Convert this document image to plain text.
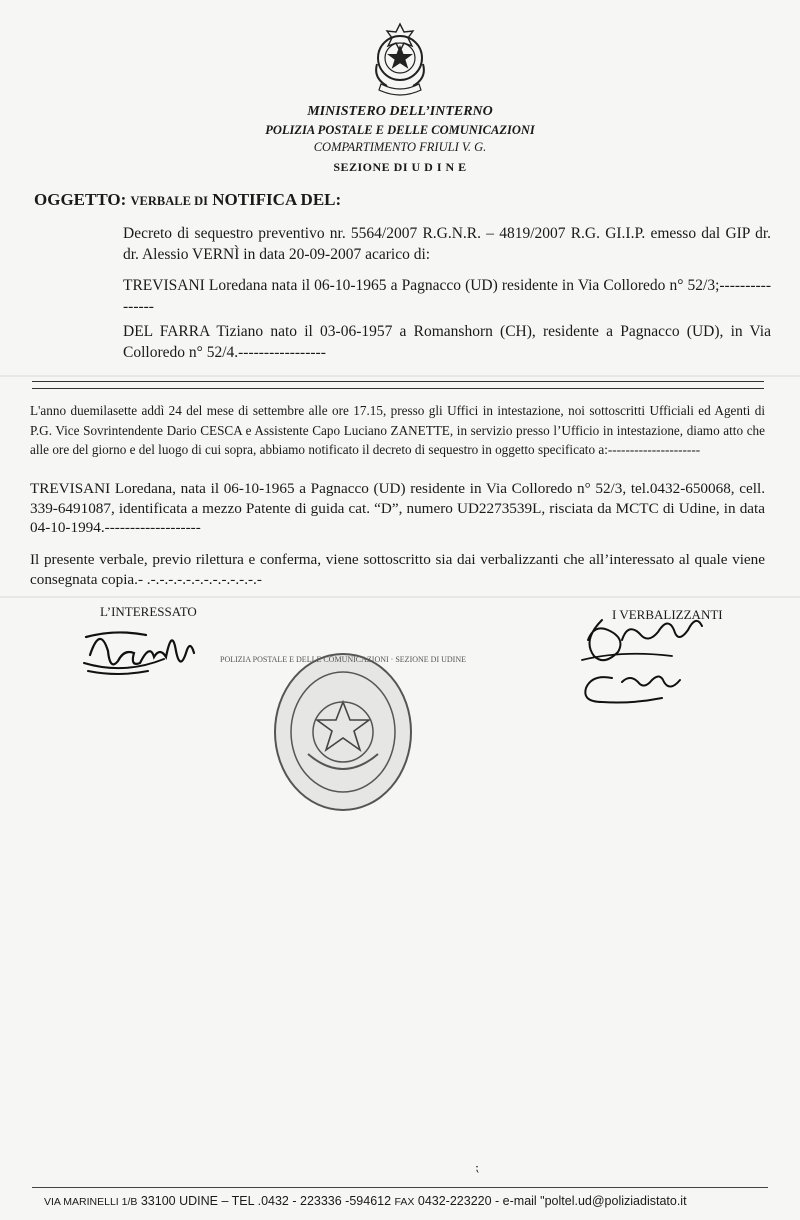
MINISTERO DELL’INTERNO
POLIZIA POSTALE E DELLE COMUNICAZIONI
COMPARTIMENTO FRIULI V. G.
SEZIONE DI U D I N E
OGGETTO: VERBALE DI NOTIFICA DEL:
Decreto di sequestro preventivo nr. 5564/2007 R.G.N.R. – 4819/2007 R.G. GI.I.P. emesso dal GIP dr. dr. Alessio VERNÌ in data 20-09-2007 acarico di:
TREVISANI Loredana nata il 06-10-1965 a Pagnacco (UD) residente in Via Colloredo n° 52/3;----------------
DEL FARRA Tiziano nato il 03-06-1957 a Romanshorn (CH), residente a Pagnacco (UD), in Via Colloredo n° 52/4.-----------------
L'anno duemilasette addì 24 del mese di settembre alle ore 17.15, presso gli Uffici in intestazione, noi sottoscritti Ufficiali ed Agenti di P.G. Vice Sovrintendente Dario CESCA e Assistente Capo Luciano ZANETTE, in servizio presso l’Ufficio in intestazione, diamo atto che alle ore del giorno e del luogo di cui sopra, abbiamo notificato il decreto di sequestro in oggetto specificato a:---------------------
TREVISANI Loredana, nata il 06-10-1965 a Pagnacco (UD) residente in Via Colloredo n° 52/3, tel.0432-650068, cell. 339-6491087, identificata a mezzo Patente di guida cat. “D”, numero UD2273539L, risciata da MCTC di Udine, in data 04-10-1994.-------------------
Il presente verbale, previo rilettura e conferma, viene sottoscritto sia dai verbalizzanti che all’interessato al quale viene consegnata copia.- .-.-.-.-.-.-.-.-.-.-.-.-.-
L’INTERESSATO	I VERBALIZZANTI
POLIZIA POSTALE E DELLE COMUNICAZIONI · SEZIONE DI UDINE
⁏
VIA MARINELLI 1/B 33100 UDINE – TEL .0432 - 223336 -594612 FAX 0432-223220 - e-mail "poltel.ud@poliziadistato.it
